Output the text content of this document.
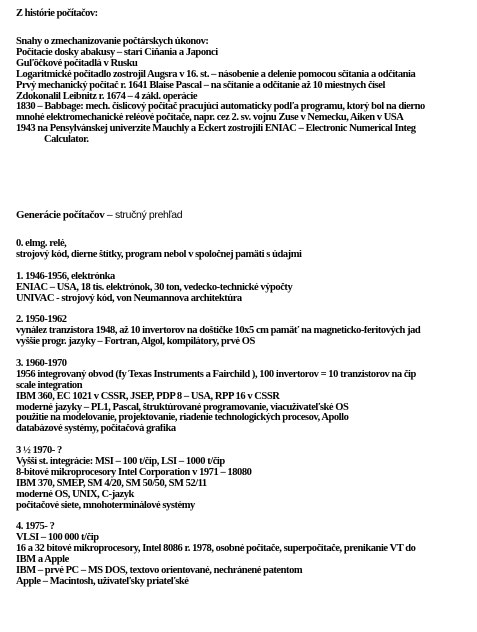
Z histórie počítačov:
Snahy o zmechanizovanie počtárskych úkonov:
Počítacie dosky abakusy – starí Číňania a Japonci
Guľôčkové počítadlá v Rusku
Logaritmické počítadlo zostrojil Augsra v 16. st. – násobenie a delenie pomocou sčítania a odčítania
Prvý mechanický počítač r. 1641 Blaise Pascal – na sčítanie a odčítanie až 10 miestnych čísel
Zdokonalil Leibnitz r. 1674 – 4 zákl. operácie
1830 – Babbage: mech. číslicový počítač pracujúci automaticky podľa programu, ktorý bol na dierno
mnohé elektromechanické reléové počítače, napr. cez 2. sv. vojnu Zuse v Nemecku, Aiken v USA
1943 na Pensylvánskej univerzite Mauchly a Eckert zostrojili ENIAC – Electronic Numerical Integ
Calculator.
Generácie počítačov – stručný prehľad
0. elmg. relé,
strojový kód, dierne štítky, program nebol v spoločnej pamäti s údajmi
1. 1946-1956, elektrónka
ENIAC – USA, 18 tis. elektrónok, 30 ton, vedecko-technické výpočty
UNIVAC - strojový kód, von Neumannova architektúra
2. 1950-1962
vynález tranzistora 1948, až 10 invertorov na doštičke 10x5 cm pamäť na magneticko-feritových jad
vyššie progr. jazyky – Fortran, Algol, kompilátory, prvé OS
3. 1960-1970
1956 integrovaný obvod (fy Texas Instruments a Fairchild ), 100 invertorov = 10 tranzistorov na čip
scale integration
IBM 360, EC 1021 v ČSSR, JSEP, PDP 8 – USA, RPP 16 v ČSSR
moderné jazyky – PL1, Pascal, štruktúrované programovanie, viacužívateľské OS
použitie na modelovanie, projektovanie, riadenie technologických procesov, Apollo
databázové systémy, počítačová grafika
3 ½ 1970- ?
Vyšší st. integrácie: MSI – 100 t/čip, LSI – 1000 t/čip
8-bitové mikroprocesory Intel Corporation v 1971 – 18080
IBM 370, SMEP, SM 4/20, SM 50/50, SM 52/11
moderné OS, UNIX, C-jazyk
počítačové siete, mnohoterminálové systémy
4. 1975- ?
VLSI – 100 000 t/čip
16 a 32 bitové mikroprocesory, Intel 8086 r. 1978, osobné počítače, superpočítače, prenikanie VT do
IBM a Apple
IBM – prvé PC – MS DOS, textovo orientované, nechránené patentom
Apple – Macintosh, užívateľsky priateľské
